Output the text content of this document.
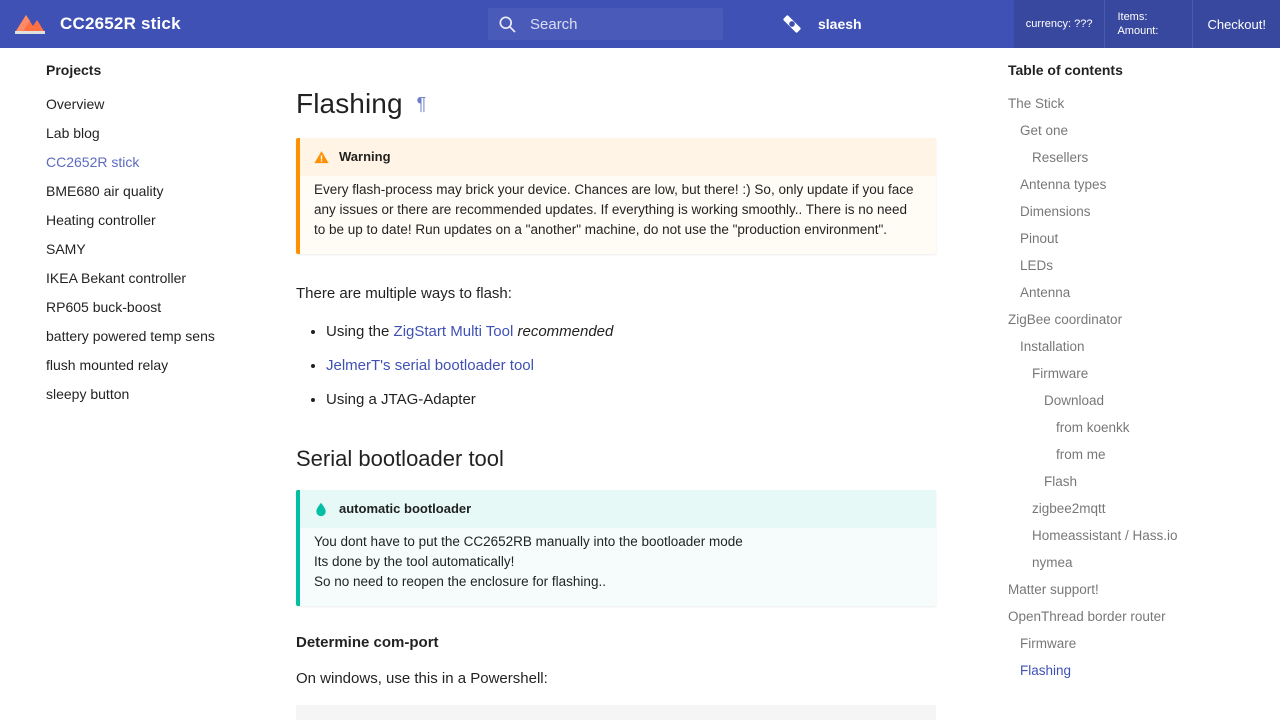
CC2652R stick
Search	slaesh	currency: ???
Items:
Amount:	Checkout!
Projects
Overview
Lab blog
CC2652R stick
BME680 air quality
Heating controller
SAMY
IKEA Bekant controller
RP605 buck-boost
battery powered temp sens
flush mounted relay
sleepy button
Flashing ¶
Warning
Every flash-process may brick your device. Chances are low, but there! :) So, only update if you face any issues or there are recommended updates. If everything is working smoothly.. There is no need to be up to date! Run updates on a "another" machine, do not use the "production environment".

There are multiple ways to flash:

• Using the ZigStart Multi Tool recommended
• JelmerT's serial bootloader tool
• Using a JTAG-Adapter
Serial bootloader tool
automatic bootloader
You dont have to put the CC2652RB manually into the bootloader mode
Its done by the tool automatically!
So no need to reopen the enclosure for flashing..
Determine com-port

On windows, use this in a Powershell:

Table of contents
The Stick
Get one
Resellers
Antenna types
Dimensions
Pinout
LEDs
Antenna
ZigBee coordinator
Installation
Firmware
Download
from koenkk
from me
Flash
zigbee2mqtt
Homeassistant / Hass.io
nymea
Matter support!
OpenThread border router
Firmware
Flashing
